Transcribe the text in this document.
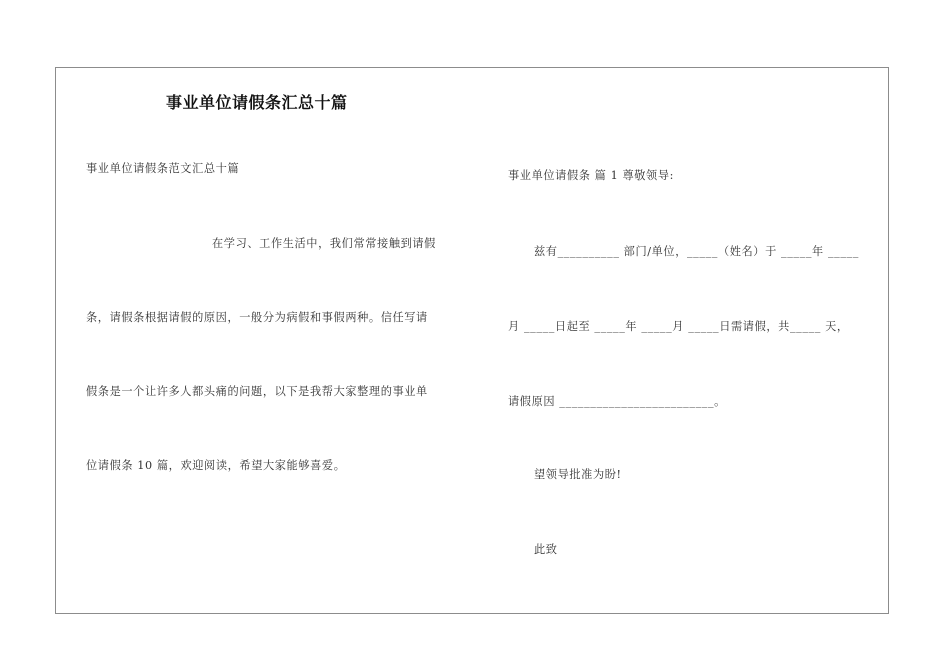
事业单位请假条汇总十篇
事业单位请假条范文汇总十篇
在学习、工作生活中，我们常常接触到请假
条，请假条根据请假的原因，一般分为病假和事假两种。信任写请
假条是一个让许多人都头痛的问题，以下是我帮大家整理的事业单
位请假条 10 篇，欢迎阅读，希望大家能够喜爱。
事业单位请假条 篇 1 尊敬领导:
兹有__________ 部门/单位，_____（姓名）于 _____年 _____
月 _____日起至 _____年 _____月 _____日需请假，共_____ 天，
请假原因 _________________________。
望领导批准为盼!
此致
